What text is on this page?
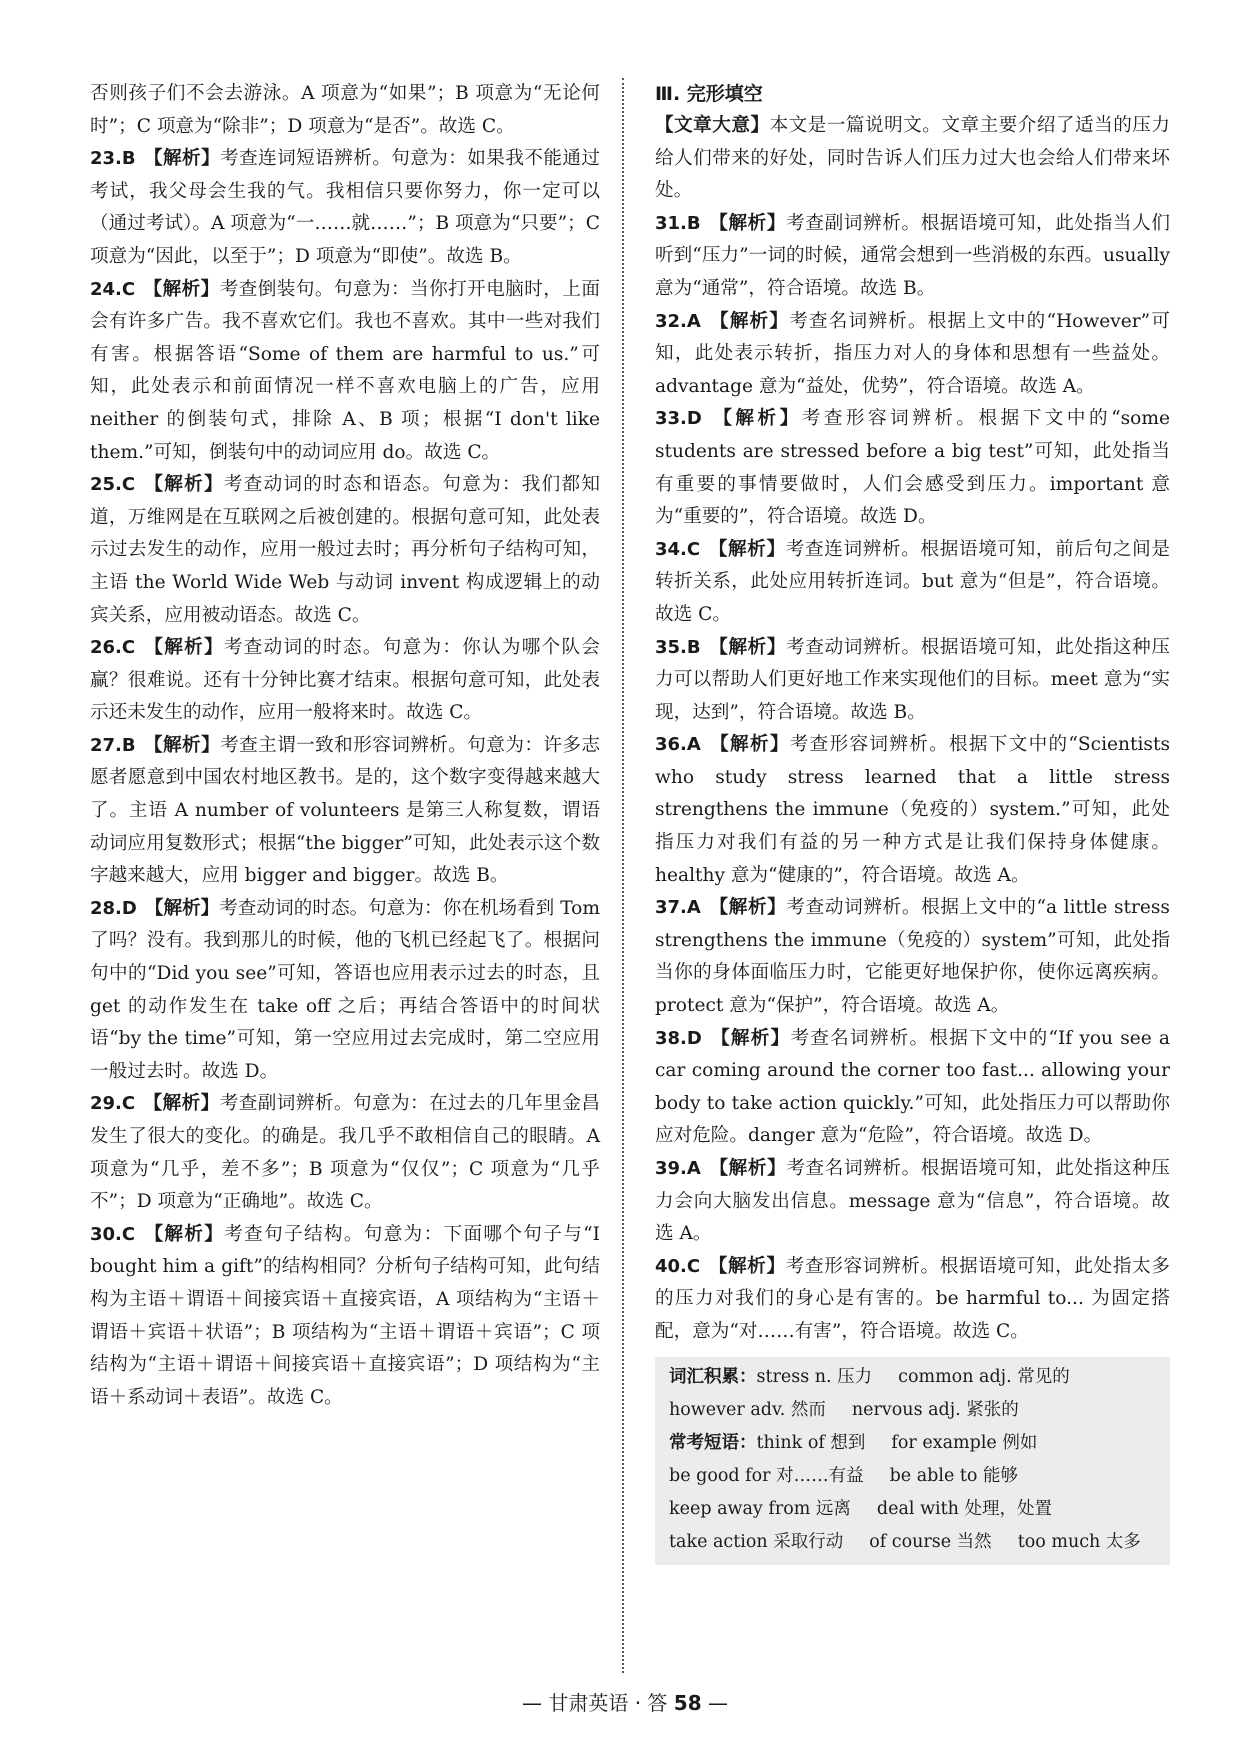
否则孩子们不会去游泳。A 项意为“如果”；B 项意为“无论何时”；C 项意为“除非”；D 项意为“是否”。故选 C。

23.B 【解析】考查连词短语辨析。句意为：如果我不能通过考试，我父母会生我的气。我相信只要你努力，你一定可以（通过考试）。A 项意为“一……就……”；B 项意为“只要”；C 项意为“因此，以至于”；D 项意为“即使”。故选 B。

24.C 【解析】考查倒装句。句意为：当你打开电脑时，上面会有许多广告。我不喜欢它们。我也不喜欢。其中一些对我们有害。根据答语“Some of them are harmful to us.”可知，此处表示和前面情况一样不喜欢电脑上的广告，应用 neither 的倒装句式，排除 A、B 项；根据“I don't like them.”可知，倒装句中的动词应用 do。故选 C。

25.C 【解析】考查动词的时态和语态。句意为：我们都知道，万维网是在互联网之后被创建的。根据句意可知，此处表示过去发生的动作，应用一般过去时；再分析句子结构可知，主语 the World Wide Web 与动词 invent 构成逻辑上的动宾关系，应用被动语态。故选 C。

26.C 【解析】考查动词的时态。句意为：你认为哪个队会赢？很难说。还有十分钟比赛才结束。根据句意可知，此处表示还未发生的动作，应用一般将来时。故选 C。

27.B 【解析】考查主谓一致和形容词辨析。句意为：许多志愿者愿意到中国农村地区教书。是的，这个数字变得越来越大了。主语 A number of volunteers 是第三人称复数，谓语动词应用复数形式；根据“the bigger”可知，此处表示这个数字越来越大，应用 bigger and bigger。故选 B。

28.D 【解析】考查动词的时态。句意为：你在机场看到 Tom 了吗？没有。我到那儿的时候，他的飞机已经起飞了。根据问句中的“Did you see”可知，答语也应用表示过去的时态，且 get 的动作发生在 take off 之后；再结合答语中的时间状语“by the time”可知，第一空应用过去完成时，第二空应用一般过去时。故选 D。

29.C 【解析】考查副词辨析。句意为：在过去的几年里金昌发生了很大的变化。的确是。我几乎不敢相信自己的眼睛。A 项意为“几乎，差不多”；B 项意为“仅仅”；C 项意为“几乎不”；D 项意为“正确地”。故选 C。

30.C 【解析】考查句子结构。句意为：下面哪个句子与“I bought him a gift”的结构相同？分析句子结构可知，此句结构为主语＋谓语＋间接宾语＋直接宾语，A 项结构为“主语＋谓语＋宾语＋状语”；B 项结构为“主语＋谓语＋宾语”；C 项结构为“主语＋谓语＋间接宾语＋直接宾语”；D 项结构为“主语＋系动词＋表语”。故选 C。

Ⅲ. 完形填空

【文章大意】本文是一篇说明文。文章主要介绍了适当的压力给人们带来的好处，同时告诉人们压力过大也会给人们带来坏处。

31.B 【解析】考查副词辨析。根据语境可知，此处指当人们听到“压力”一词的时候，通常会想到一些消极的东西。usually 意为“通常”，符合语境。故选 B。

32.A 【解析】考查名词辨析。根据上文中的“However”可知，此处表示转折，指压力对人的身体和思想有一些益处。advantage 意为“益处，优势”，符合语境。故选 A。

33.D 【解析】考查形容词辨析。根据下文中的“some students are stressed before a big test”可知，此处指当有重要的事情要做时，人们会感受到压力。important 意为“重要的”，符合语境。故选 D。

34.C 【解析】考查连词辨析。根据语境可知，前后句之间是转折关系，此处应用转折连词。but 意为“但是”，符合语境。故选 C。

35.B 【解析】考查动词辨析。根据语境可知，此处指这种压力可以帮助人们更好地工作来实现他们的目标。meet 意为“实现，达到”，符合语境。故选 B。

36.A 【解析】考查形容词辨析。根据下文中的“Scientists who study stress learned that a little stress strengthens the immune（免疫的）system.”可知，此处指压力对我们有益的另一种方式是让我们保持身体健康。healthy 意为“健康的”，符合语境。故选 A。

37.A 【解析】考查动词辨析。根据上文中的“a little stress strengthens the immune（免疫的）system”可知，此处指当你的身体面临压力时，它能更好地保护你，使你远离疾病。protect 意为“保护”，符合语境。故选 A。

38.D 【解析】考查名词辨析。根据下文中的“If you see a car coming around the corner too fast... allowing your body to take action quickly.”可知，此处指压力可以帮助你应对危险。danger 意为“危险”，符合语境。故选 D。

39.A 【解析】考查名词辨析。根据语境可知，此处指这种压力会向大脑发出信息。message 意为“信息”，符合语境。故选 A。

40.C 【解析】考查形容词辨析。根据语境可知，此处指太多的压力对我们的身心是有害的。be harmful to... 为固定搭配，意为“对……有害”，符合语境。故选 C。

词汇积累：stress n. 压力 common adj. 常见的

however adv. 然而 nervous adj. 紧张的

常考短语：think of 想到 for example 例如

be good for 对……有益 be able to 能够

keep away from 远离 deal with 处理，处置

take action 采取行动 of course 当然 too much 太多

— 甘肃英语 · 答 58 —
